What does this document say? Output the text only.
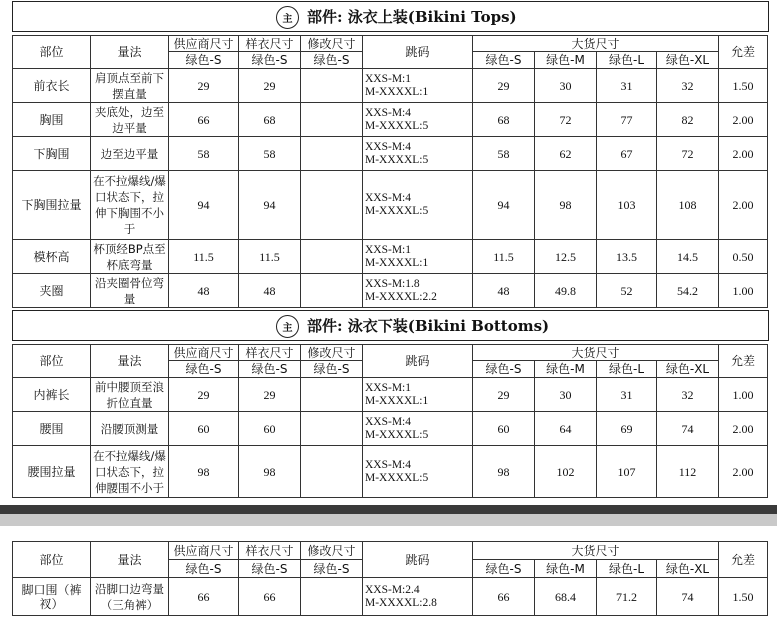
主 部件: 泳衣上装(Bikini Tops)
部位	量法	供应商尺寸	样衣尺寸	修改尺寸	跳码	大货尺寸				允差
		绿色-S	绿色-S	绿色-S		绿色-S	绿色-M	绿色-L	绿色-XL	
前衣长	肩顶点至前下摆直量	29	29		XXS-M:1
M-XXXXL:1	29	30	31	32	1.50
胸围	夹底处，边至边平量	66	68		XXS-M:4
M-XXXXL:5	68	72	77	82	2.00
下胸围	边至边平量	58	58		XXS-M:4
M-XXXXL:5	58	62	67	72	2.00
下胸围拉量	在不拉爆线/爆口状态下，拉伸下胸围不小于	94	94		XXS-M:4
M-XXXXL:5	94	98	103	108	2.00
模杯高	杯顶经BP点至杯底弯量	11.5	11.5		XXS-M:1
M-XXXXL:1	11.5	12.5	13.5	14.5	0.50
夹圈	沿夹圈骨位弯量	48	48		XXS-M:1.8
M-XXXXL:2.2	48	49.8	52	54.2	1.00
主 部件: 泳衣下装(Bikini Bottoms)
部位	量法	供应商尺寸	样衣尺寸	修改尺寸	跳码	大货尺寸				允差
		绿色-S	绿色-S	绿色-S		绿色-S	绿色-M	绿色-L	绿色-XL	
内裤长	前中腰顶至浪折位直量	29	29		XXS-M:1
M-XXXXL:1	29	30	31	32	1.00
腰围	沿腰顶测量	60	60		XXS-M:4
M-XXXXL:5	60	64	69	74	2.00
腰围拉量	在不拉爆线/爆口状态下，拉伸腰围不小于	98	98		XXS-M:4
M-XXXXL:5	98	102	107	112	2.00
部位	量法	供应商尺寸	样衣尺寸	修改尺寸	跳码	大货尺寸				允差
		绿色-S	绿色-S	绿色-S		绿色-S	绿色-M	绿色-L	绿色-XL	
脚口围（裤衩）	沿脚口边弯量（三角裤）	66	66		XXS-M:2.4
M-XXXXL:2.8	66	68.4	71.2	74	1.50
